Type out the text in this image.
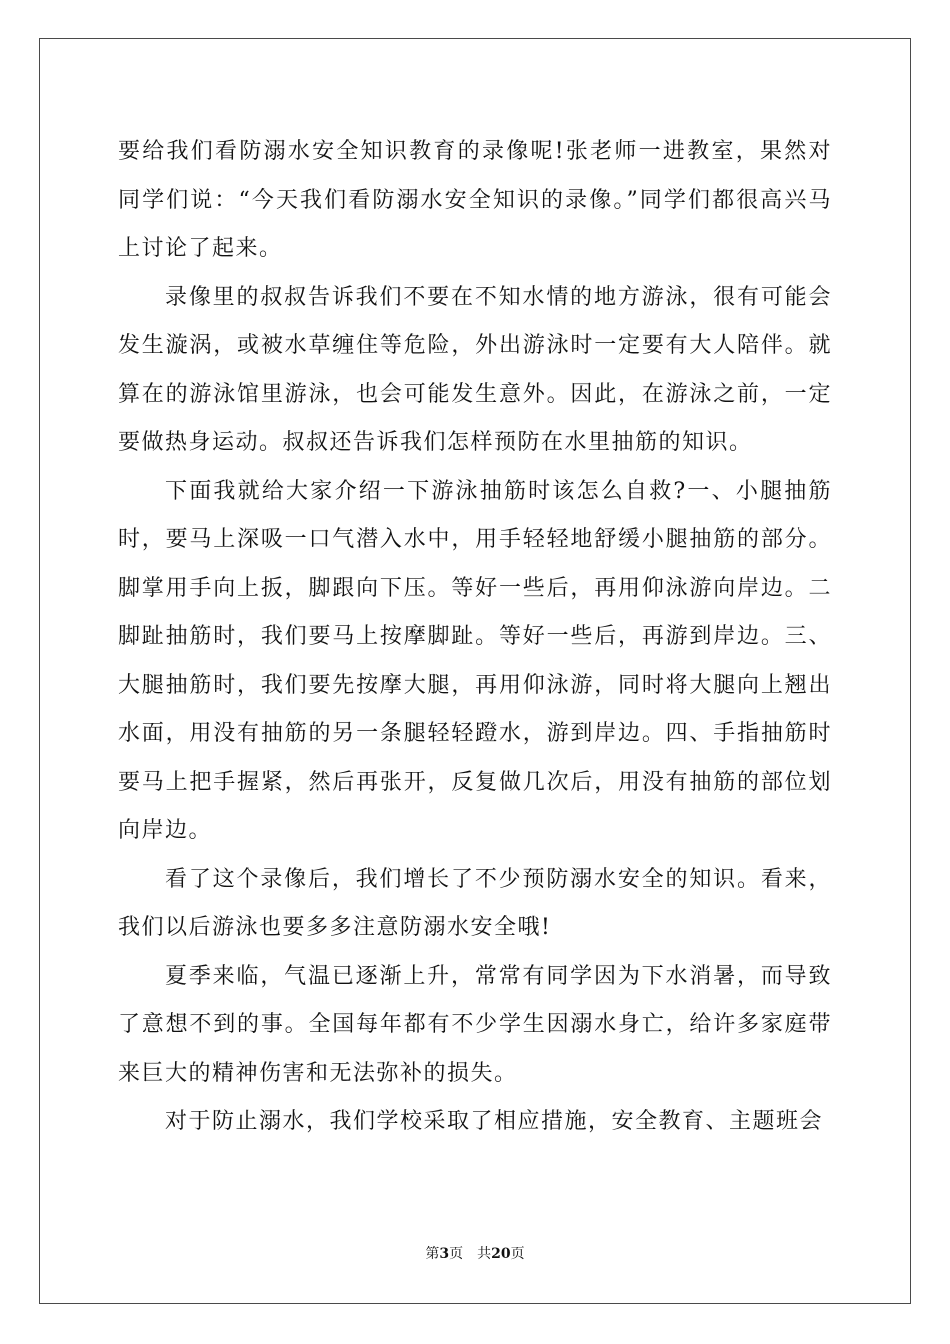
要给我们看防溺水安全知识教育的录像呢!张老师一进教室，果然对同学们说：“今天我们看防溺水安全知识的录像。”同学们都很高兴马上讨论了起来。

录像里的叔叔告诉我们不要在不知水情的地方游泳，很有可能会发生漩涡，或被水草缠住等危险，外出游泳时一定要有大人陪伴。就算在的游泳馆里游泳，也会可能发生意外。因此，在游泳之前，一定要做热身运动。叔叔还告诉我们怎样预防在水里抽筋的知识。

下面我就给大家介绍一下游泳抽筋时该怎么自救?一、小腿抽筋时，要马上深吸一口气潜入水中，用手轻轻地舒缓小腿抽筋的部分。脚掌用手向上扳，脚跟向下压。等好一些后，再用仰泳游向岸边。二脚趾抽筋时，我们要马上按摩脚趾。等好一些后，再游到岸边。三、大腿抽筋时，我们要先按摩大腿，再用仰泳游，同时将大腿向上翘出水面，用没有抽筋的另一条腿轻轻蹬水，游到岸边。四、手指抽筋时要马上把手握紧，然后再张开，反复做几次后，用没有抽筋的部位划向岸边。

看了这个录像后，我们增长了不少预防溺水安全的知识。看来，我们以后游泳也要多多注意防溺水安全哦!

夏季来临，气温已逐渐上升，常常有同学因为下水消暑，而导致了意想不到的事。全国每年都有不少学生因溺水身亡，给许多家庭带来巨大的精神伤害和无法弥补的损失。

对于防止溺水，我们学校采取了相应措施，安全教育、主题班会

第3页 共20页
